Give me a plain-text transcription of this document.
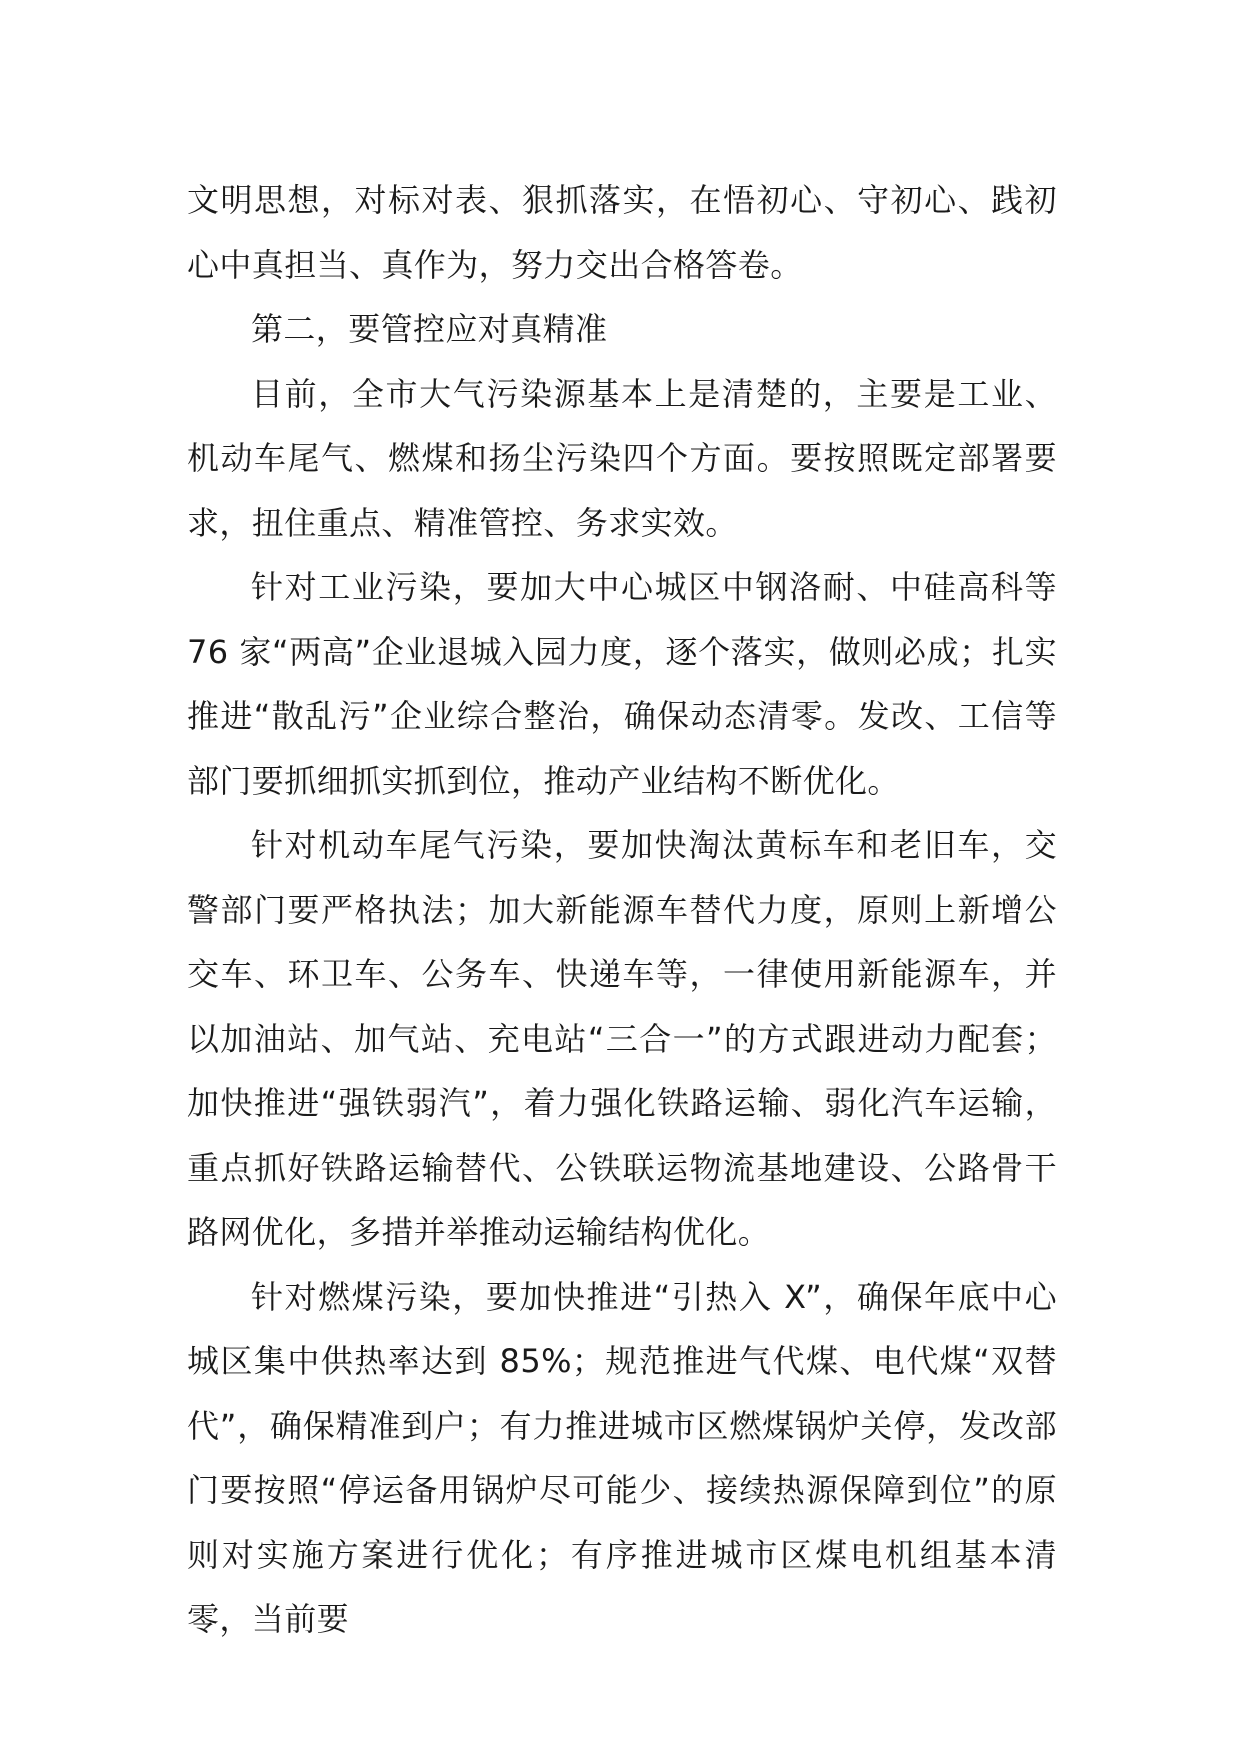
文明思想，对标对表、狠抓落实，在悟初心、守初心、践初心中真担当、真作为，努力交出合格答卷。

第二，要管控应对真精准

目前，全市大气污染源基本上是清楚的，主要是工业、机动车尾气、燃煤和扬尘污染四个方面。要按照既定部署要求，扭住重点、精准管控、务求实效。

针对工业污染，要加大中心城区中钢洛耐、中硅高科等 76 家“两高”企业退城入园力度，逐个落实，做则必成；扎实推进“散乱污”企业综合整治，确保动态清零。发改、工信等部门要抓细抓实抓到位，推动产业结构不断优化。

针对机动车尾气污染，要加快淘汰黄标车和老旧车，交警部门要严格执法；加大新能源车替代力度，原则上新增公交车、环卫车、公务车、快递车等，一律使用新能源车，并以加油站、加气站、充电站“三合一”的方式跟进动力配套；加快推进“强铁弱汽”，着力强化铁路运输、弱化汽车运输，重点抓好铁路运输替代、公铁联运物流基地建设、公路骨干路网优化，多措并举推动运输结构优化。

针对燃煤污染，要加快推进“引热入 X”，确保年底中心城区集中供热率达到 85%；规范推进气代煤、电代煤“双替代”，确保精准到户；有力推进城市区燃煤锅炉关停，发改部门要按照“停运备用锅炉尽可能少、接续热源保障到位”的原则对实施方案进行优化；有序推进城市区煤电机组基本清零，当前要
